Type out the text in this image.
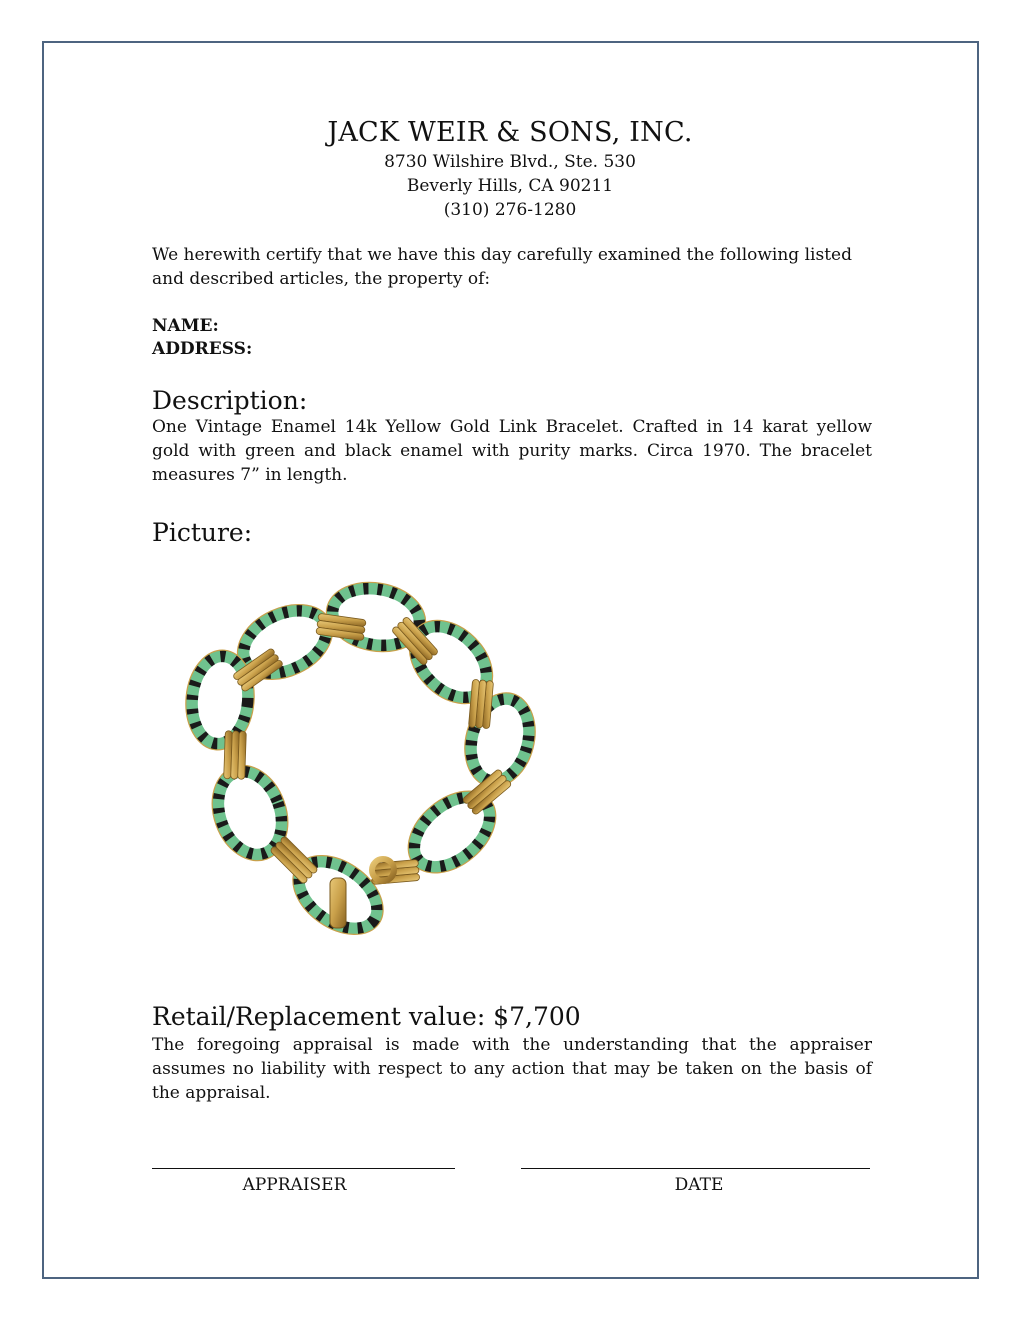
JACK WEIR & SONS, INC.
8730 Wilshire Blvd., Ste. 530
Beverly Hills, CA 90211
(310) 276-1280
We herewith certify that we have this day carefully examined the following listed and described articles, the property of:
NAME:
ADDRESS:
Description:
One Vintage Enamel 14k Yellow Gold Link Bracelet. Crafted in 14 karat yellow gold with green and black enamel with purity marks. Circa 1970. The bracelet measures 7” in length.
Picture:
Retail/Replacement value: $7,700
The foregoing appraisal is made with the understanding that the appraiser assumes no liability with respect to any action that may be taken on the basis of the appraisal.
APPRAISER	DATE
